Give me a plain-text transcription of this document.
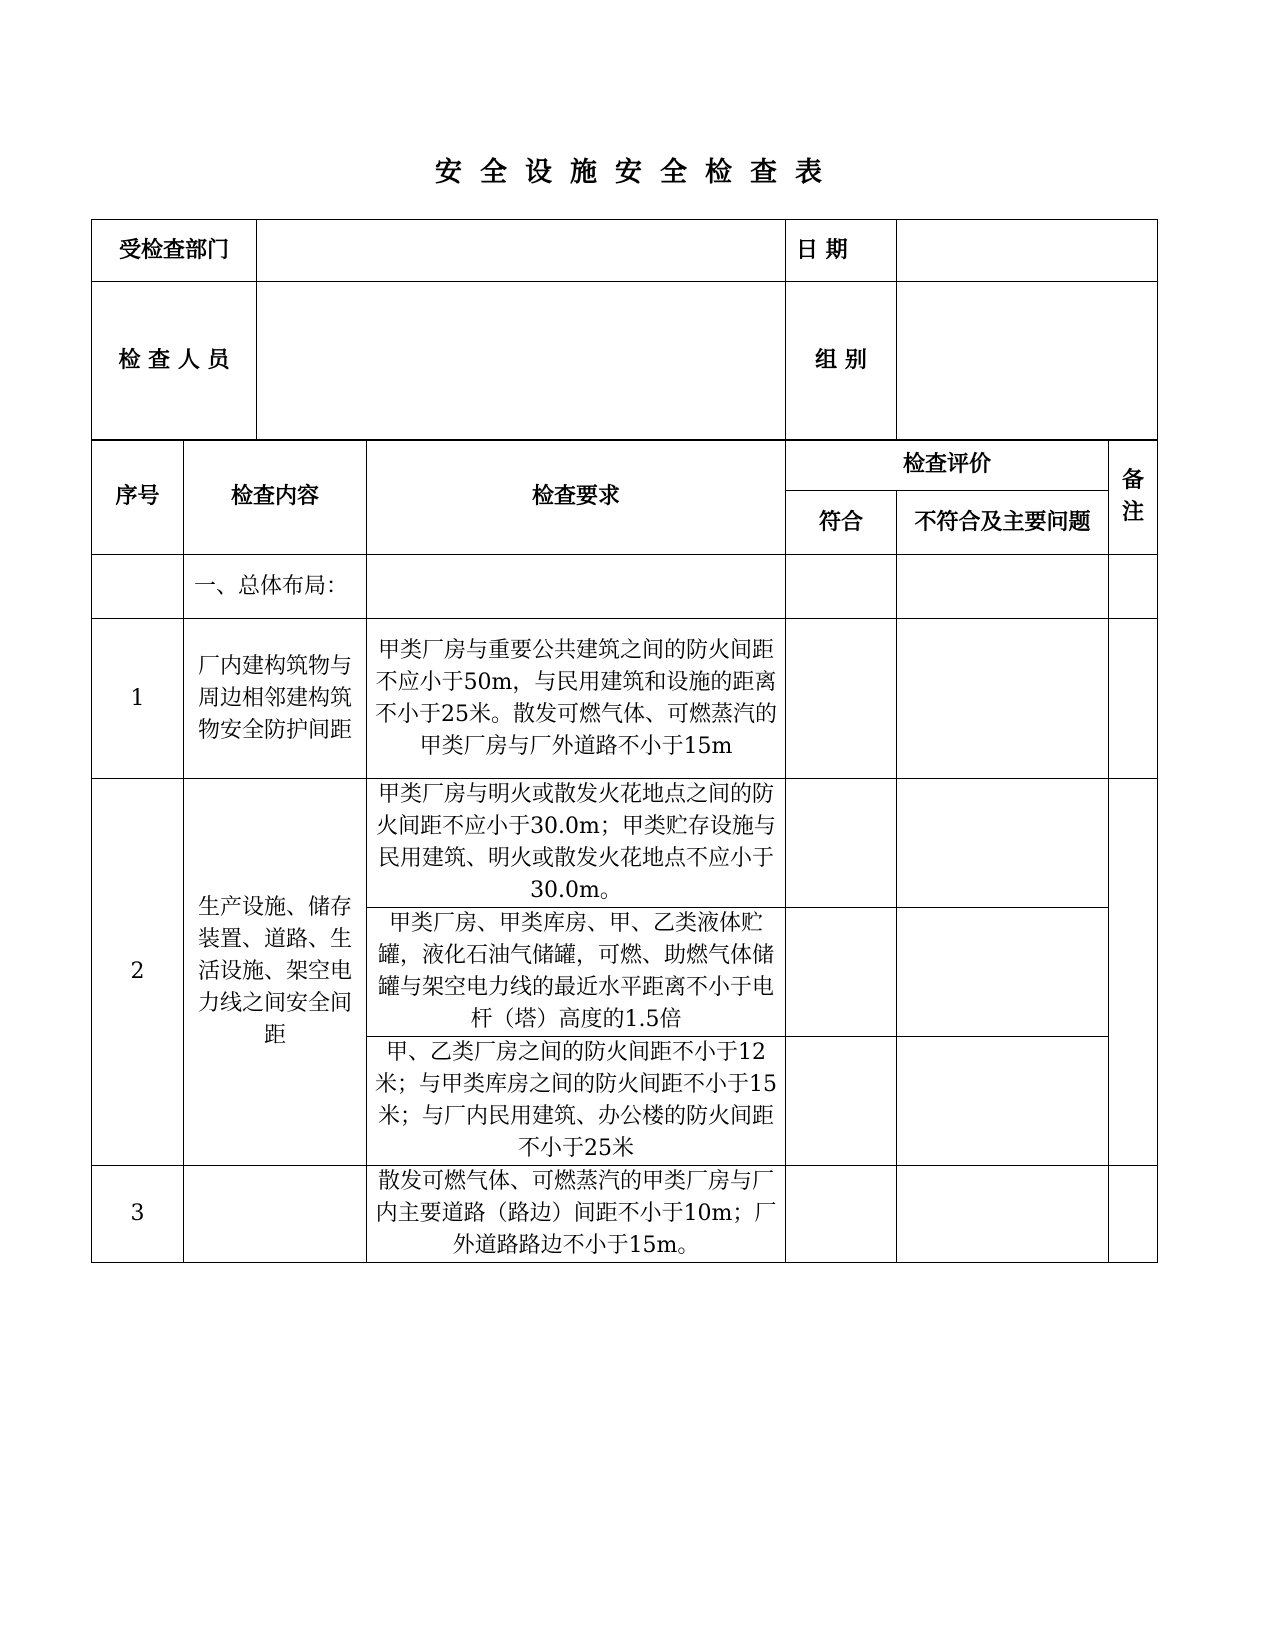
安全设施安全检查表
受检查部门		日 期	
检 查 人 员		组 别	
序号	检查内容	检查要求	检查评价		备注
			符合	不符合及主要问题	
	一、总体布局：				
1	厂内建构筑物与周边相邻建构筑物安全防护间距	甲类厂房与重要公共建筑之间的防火间距不应小于50m，与民用建筑和设施的距离不小于25米。散发可燃气体、可燃蒸汽的甲类厂房与厂外道路不小于15m			
2	生产设施、储存装置、道路、生活设施、架空电力线之间安全间距	甲类厂房与明火或散发火花地点之间的防火间距不应小于30.0m；甲类贮存设施与民用建筑、明火或散发火花地点不应小于 30.0m。			
		甲类厂房、甲类库房、甲、乙类液体贮罐，液化石油气储罐，可燃、助燃气体储罐与架空电力线的最近水平距离不小于电杆（塔）高度的1.5倍			
		甲、乙类厂房之间的防火间距不小于12米；与甲类库房之间的防火间距不小于15米；与厂内民用建筑、办公楼的防火间距不小于25米			
3		散发可燃气体、可燃蒸汽的甲类厂房与厂内主要道路（路边）间距不小于10m；厂外道路路边不小于15m。			
